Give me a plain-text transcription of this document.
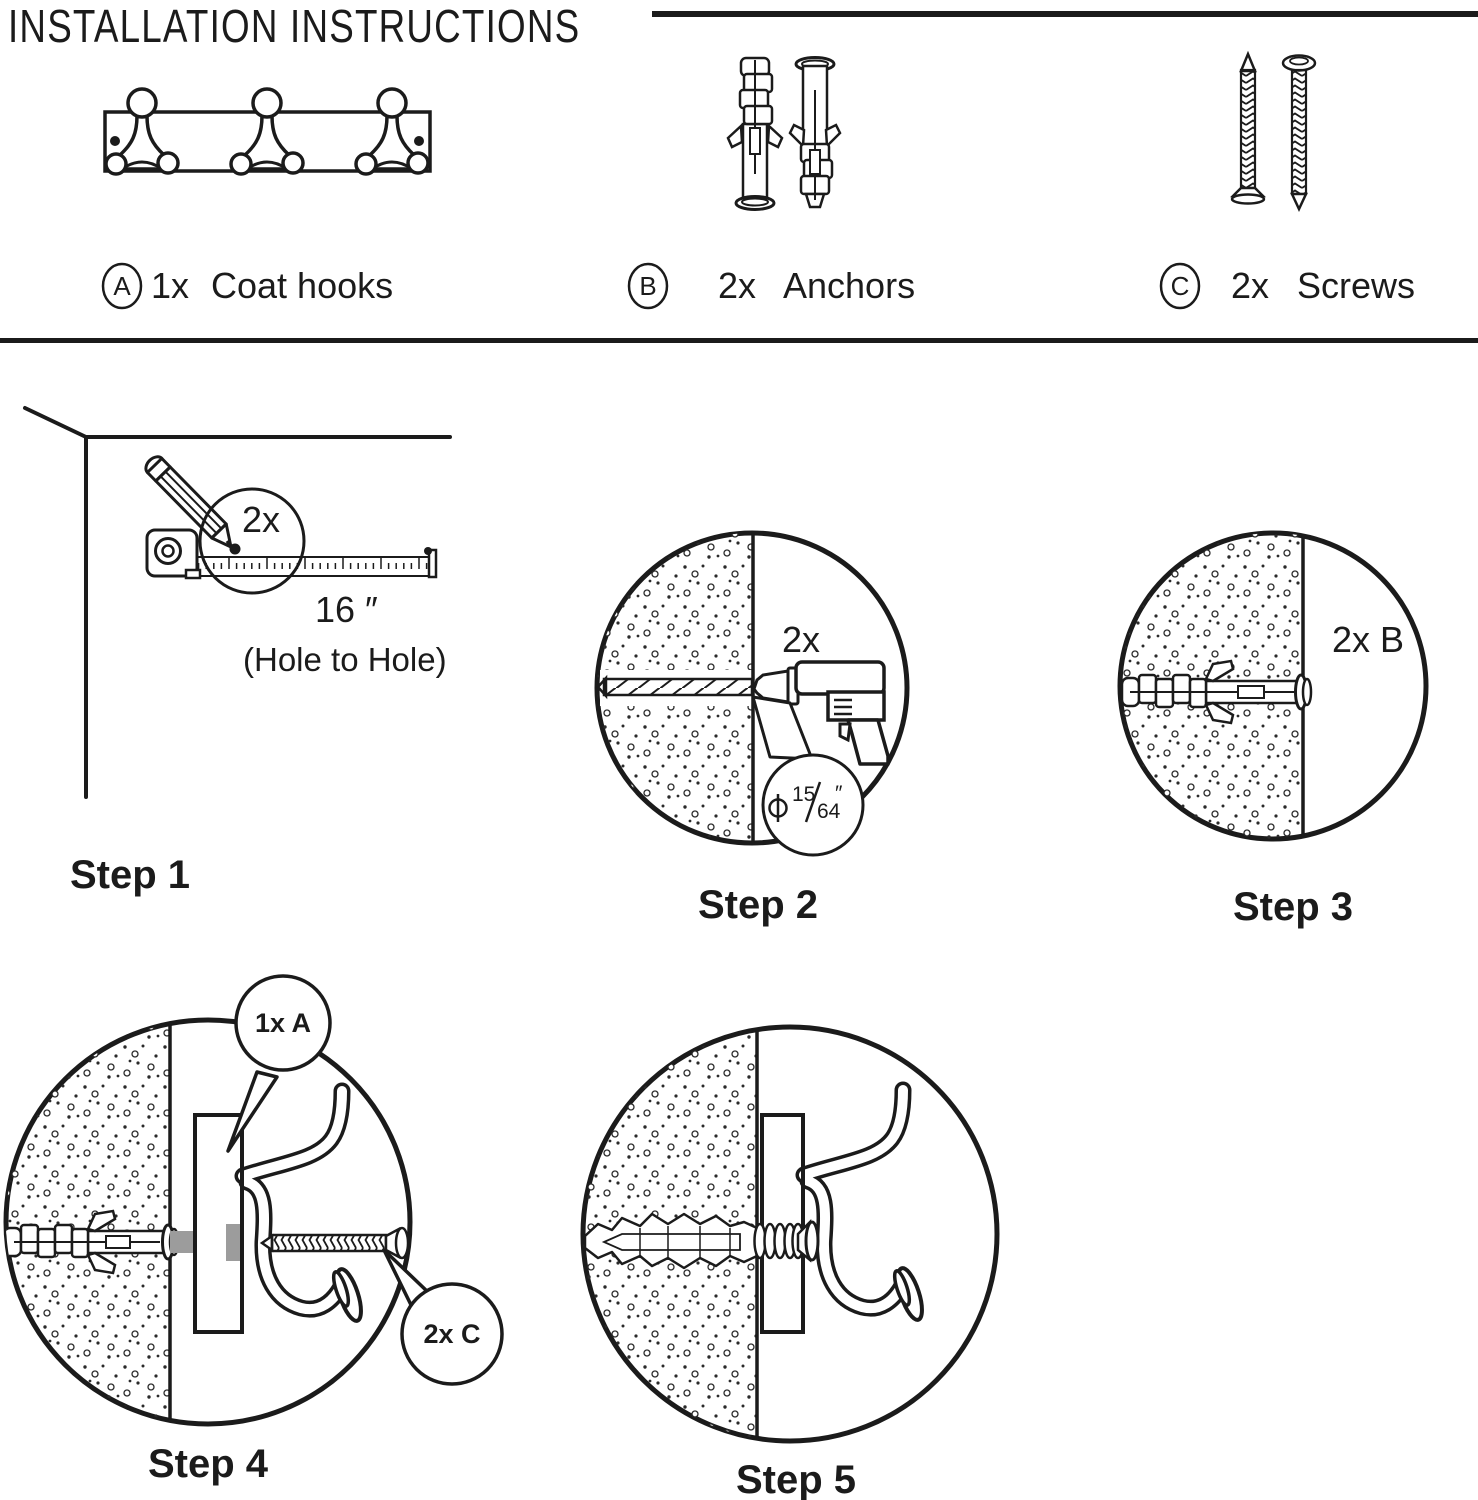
INSTALLATION INSTRUCTIONS
A 1x Coat hooks	B 2x Anchors	C 2x Screws
2x
16 ″
(Hole to Hole)
Step 1
15
64
″
2x
Step 2
2x B
Step 3
1x A
2x C
Step 4	Step 5
